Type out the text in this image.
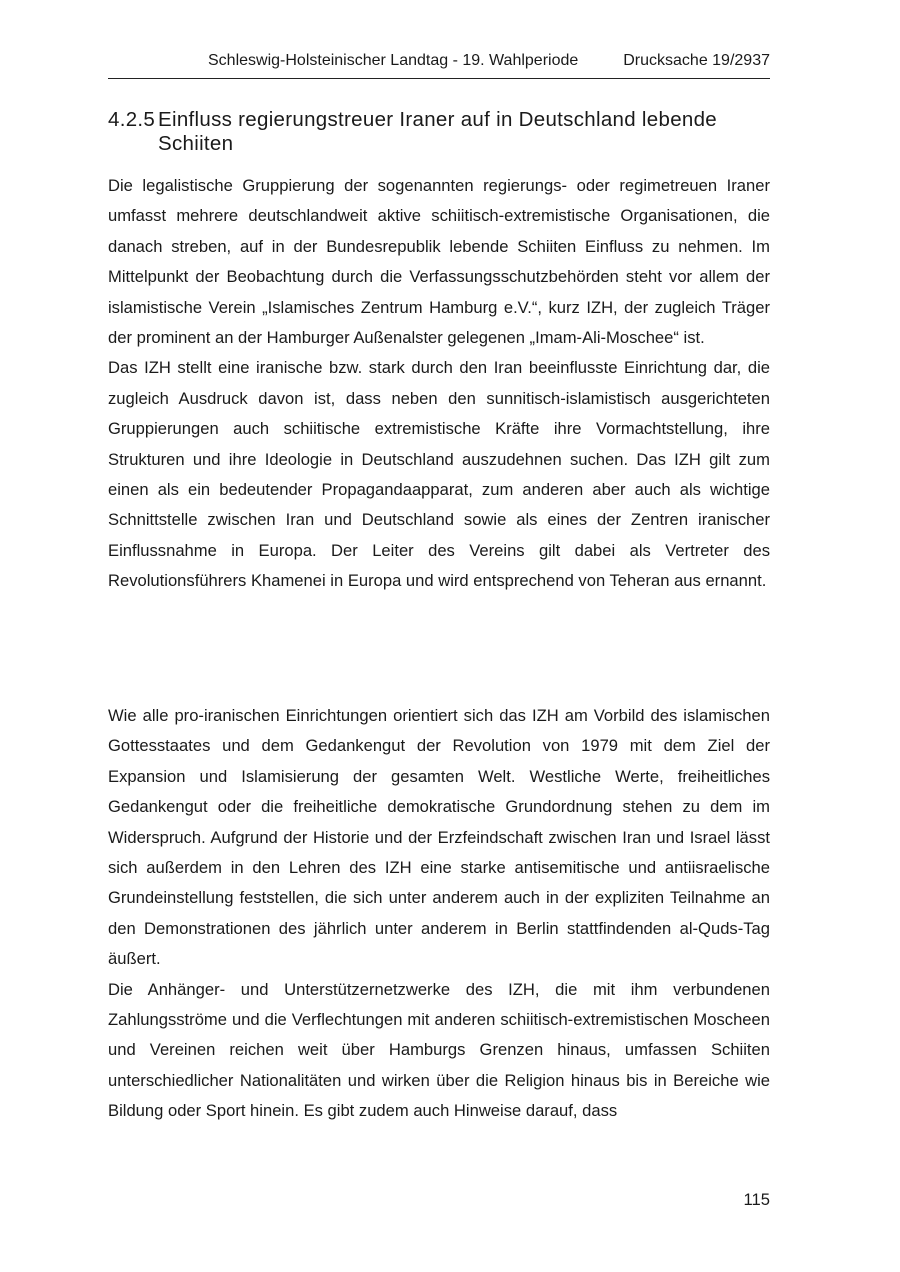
Schleswig-Holsteinischer Landtag - 19. Wahlperiode	Drucksache 19/2937
4.2.5 Einfluss regierungstreuer Iraner auf in Deutschland lebende Schiiten

Die legalistische Gruppierung der sogenannten regierungs- oder regimetreuen Iraner umfasst mehrere deutschlandweit aktive schiitisch-extremistische Organisationen, die danach streben, auf in der Bundesrepublik lebende Schiiten Einfluss zu nehmen. Im Mittelpunkt der Beobachtung durch die Verfassungsschutzbehörden steht vor allem der islamistische Verein „Islamisches Zentrum Hamburg e.V.“, kurz IZH, der zugleich Träger der prominent an der Hamburger Außenalster gelegenen „Imam-Ali-Moschee“ ist.

Das IZH stellt eine iranische bzw. stark durch den Iran beeinflusste Einrichtung dar, die zugleich Ausdruck davon ist, dass neben den sunnitisch-islamistisch ausgerichteten Gruppierungen auch schiitische extremistische Kräfte ihre Vormachtstellung, ihre Strukturen und ihre Ideologie in Deutschland auszudehnen suchen. Das IZH gilt zum einen als ein bedeutender Propagandaapparat, zum anderen aber auch als wichtige Schnittstelle zwischen Iran und Deutschland sowie als eines der Zentren iranischer Einflussnahme in Europa. Der Leiter des Vereins gilt dabei als Vertreter des Revolutionsführers Khamenei in Europa und wird entsprechend von Teheran aus ernannt.

Wie alle pro-iranischen Einrichtungen orientiert sich das IZH am Vorbild des islamischen Gottesstaates und dem Gedankengut der Revolution von 1979 mit dem Ziel der Expansion und Islamisierung der gesamten Welt. Westliche Werte, freiheitliches Gedankengut oder die freiheitliche demokratische Grundordnung stehen zu dem im Widerspruch. Aufgrund der Historie und der Erzfeindschaft zwischen Iran und Israel lässt sich außerdem in den Lehren des IZH eine starke antisemitische und antiisraelische Grundeinstellung feststellen, die sich unter anderem auch in der expliziten Teilnahme an den Demonstrationen des jährlich unter anderem in Berlin stattfindenden al-Quds-Tag äußert.

Die Anhänger- und Unterstützernetzwerke des IZH, die mit ihm verbundenen Zahlungsströme und die Verflechtungen mit anderen schiitisch-extremistischen Moscheen und Vereinen reichen weit über Hamburgs Grenzen hinaus, umfassen Schiiten unterschiedlicher Nationalitäten und wirken über die Religion hinaus bis in Bereiche wie Bildung oder Sport hinein. Es gibt zudem auch Hinweise darauf, dass

115
